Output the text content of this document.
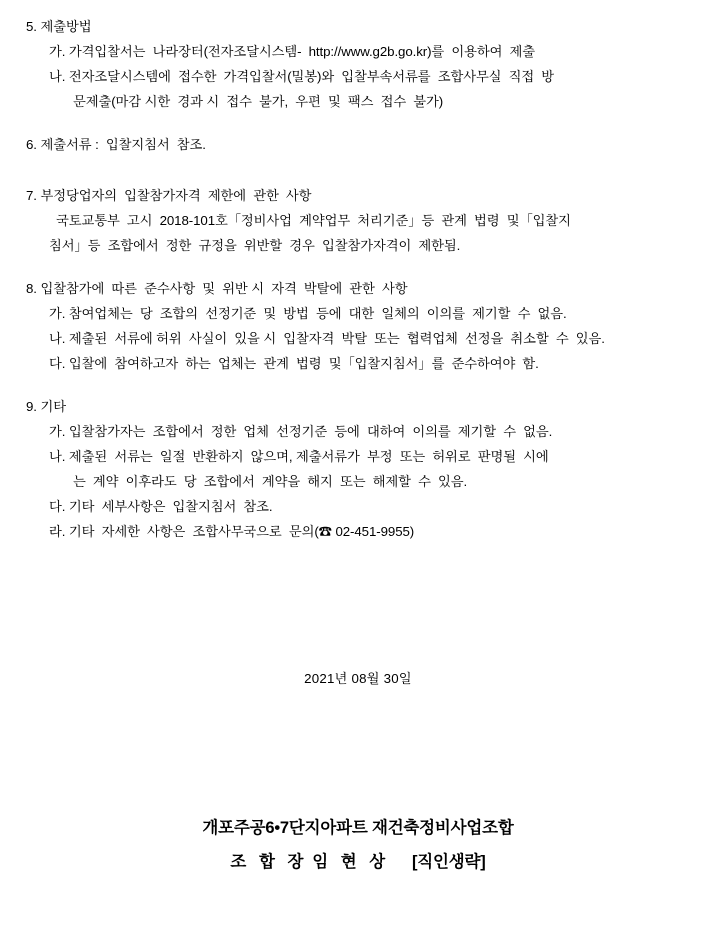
5. 제출방법
가. 가격입찰서는  나라장터(전자조달시스템-  http://www.g2b.go.kr)를  이용하여  제출
나. 전자조달시스템에  접수한  가격입찰서(밀봉)와  입찰부속서류를  조합사무실  직접  방
문제출(마감 시한  경과 시  접수  불가,  우편  및  팩스  접수  불가)
6. 제출서류 :  입찰지침서  참조.
7. 부정당업자의  입찰참가자격  제한에  관한  사항
국토교통부  고시  2018-101호「정비사업  계약업무  처리기준」등  관계  법령  및「입찰지
침서」등  조합에서  정한  규정을  위반할  경우  입찰참가자격이  제한됨.
8. 입찰참가에  따른  준수사항  및  위반 시  자격  박탈에  관한  사항
가. 참여업체는  당  조합의  선정기준  및  방법  등에  대한  일체의  이의를  제기할  수  없음.
나. 제출된  서류에 허위  사실이  있을 시  입찰자격  박탈  또는  협력업체  선정을  취소할  수  있음.
다. 입찰에  참여하고자  하는  업체는  관계  법령  및「입찰지침서」를  준수하여야  함.
9. 기타
가. 입찰참가자는  조합에서  정한  업체  선정기준  등에  대하여  이의를  제기할  수  없음.
나. 제출된  서류는  일절  반환하지  않으며, 제출서류가  부정  또는  허위로  판명될  시에
는  계약  이후라도  당  조합에서  계약을  해지  또는  해제할  수  있음.
다. 기타  세부사항은  입찰지침서  참조.
라. 기타  자세한  사항은  조합사무국으로  문의(☎ 02-451-9955)
2021년 08월 30일
개포주공6•7단지아파트 재건축정비사업조합
조 합 장 임 현 상 [직인생략]
